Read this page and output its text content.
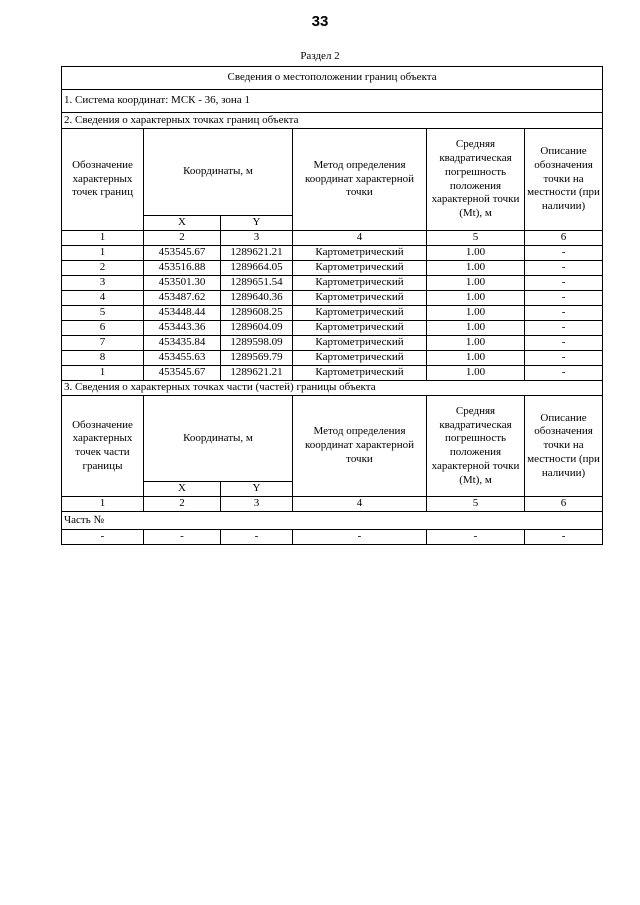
33
Раздел 2
Сведения о местоположении границ объекта					
1. Система координат: МСК - 36, зона 1					
2. Сведения о характерных точках границ объекта					
Обозначение характерных точек границ	Координаты, м		Метод определения координат характерной точки	Средняя квадратическая погрешность положения характерной точки (Mt), м	Описание обозначения точки на местности (при наличии)
	X	Y			
1	2	3	4	5	6
1	453545.67	1289621.21	Картометрический	1.00	-
2	453516.88	1289664.05	Картометрический	1.00	-
3	453501.30	1289651.54	Картометрический	1.00	-
4	453487.62	1289640.36	Картометрический	1.00	-
5	453448.44	1289608.25	Картометрический	1.00	-
6	453443.36	1289604.09	Картометрический	1.00	-
7	453435.84	1289598.09	Картометрический	1.00	-
8	453455.63	1289569.79	Картометрический	1.00	-
1	453545.67	1289621.21	Картометрический	1.00	-
3. Сведения о характерных точках части (частей) границы объекта					
Обозначение характерных точек части границы	Координаты, м		Метод определения координат характерной точки	Средняя квадратическая погрешность положения характерной точки (Mt), м	Описание обозначения точки на местности (при наличии)
	X	Y			
1	2	3	4	5	6
Часть №					
-	-	-	-	-	-
